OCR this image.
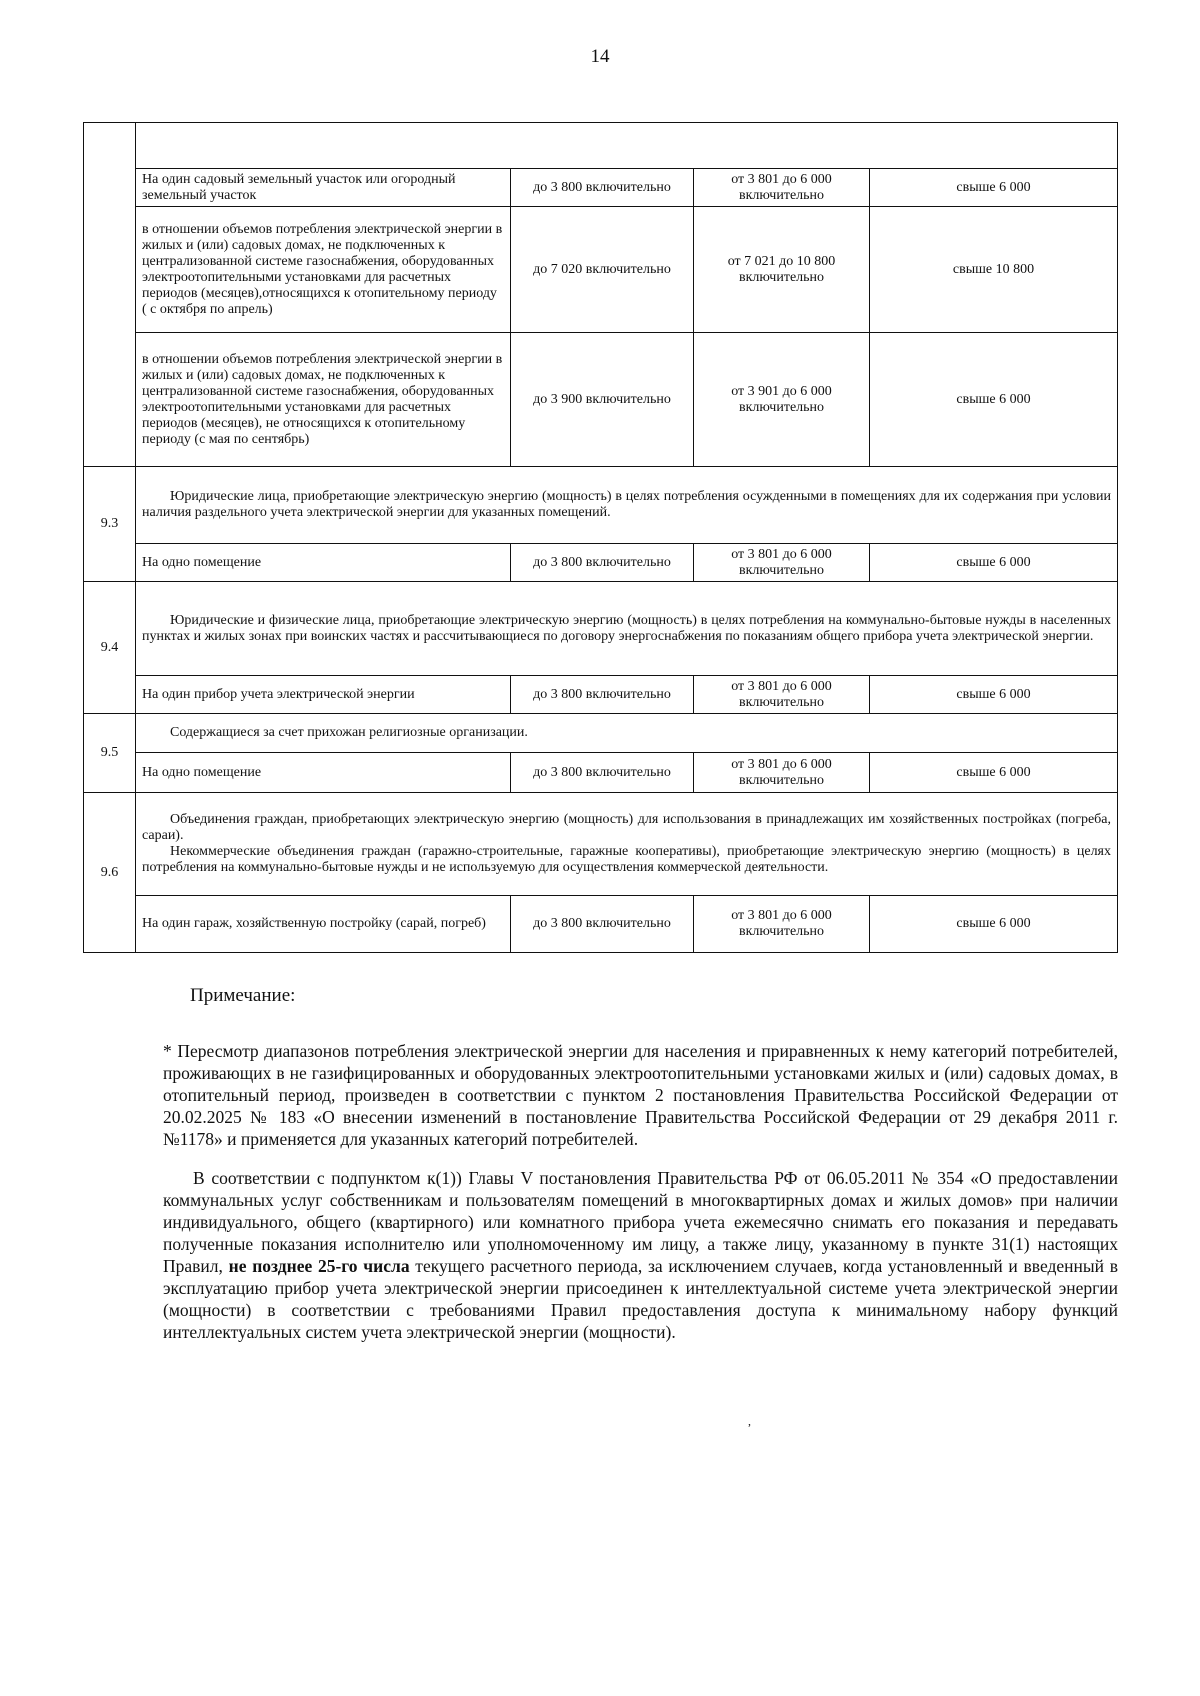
14

	На один садовый земельный участок или огородный земельный участок	до 3 800 включительно	от 3 801 до 6 000 включительно	свыше 6 000
	в отношении объемов потребления электрической энергии в жилых и (или) садовых домах, не подключенных к централизованной системе газоснабжения, оборудованных электроотопительными установками для расчетных периодов (месяцев),относящихся к отопительному периоду ( с октября по апрель)	до 7 020 включительно	от 7 021 до 10 800 включительно	свыше 10 800
	в отношении объемов потребления электрической энергии в жилых и (или) садовых домах, не подключенных к централизованной системе газоснабжения, оборудованных электроотопительными установками для расчетных периодов (месяцев), не относящихся к отопительному периоду (с мая по сентябрь)	до 3 900 включительно	от 3 901 до 6 000 включительно	свыше 6 000
9.3	Юридические лица, приобретающие электрическую энергию (мощность) в целях потребления осужденными в помещениях для их содержания при условии наличия раздельного учета электрической энергии для указанных помещений.			

	На одно помещение	до 3 800 включительно	от 3 801 до 6 000 включительно	свыше 6 000
9.4	Юридические и физические лица, приобретающие электрическую энергию (мощность) в целях потребления на коммунально-бытовые нужды в населенных пунктах и жилых зонах при воинских частях и рассчитывающиеся по договору энергоснабжения по показаниям общего прибора учета электрической энергии.			

	На один прибор учета электрической энергии	до 3 800 включительно	от 3 801 до 6 000 включительно	свыше 6 000
9.5	Содержащиеся за счет прихожан религиозные организации.			

	На одно помещение	до 3 800 включительно	от 3 801 до 6 000 включительно	свыше 6 000
9.6	Объединения граждан, приобретающих электрическую энергию (мощность) для использования в принадлежащих им хозяйственных постройках (погреба, сараи).

Некоммерческие объединения граждан (гаражно-строительные, гаражные кооперативы), приобретающие электрическую энергию (мощность) в целях потребления на коммунально-бытовые нужды и не используемую для осуществления коммерческой деятельности.			

	На один гараж, хозяйственную постройку (сарай, погреб)	до 3 800 включительно	от 3 801 до 6 000 включительно	свыше 6 000
Примечание:

* Пересмотр диапазонов потребления электрической энергии для населения и приравненных к нему категорий потребителей, проживающих в не газифицированных и оборудованных электроотопительными установками жилых и (или) садовых домах, в отопительный период, произведен в соответствии с пунктом 2 постановления Правительства Российской Федерации от 20.02.2025 № 183 «О внесении изменений в постановление Правительства Российской Федерации от 29 декабря 2011 г. №1178» и применяется для указанных категорий потребителей.

В соответствии с подпунктом к(1)) Главы V постановления Правительства РФ от 06.05.2011 № 354 «О предоставлении коммунальных услуг собственникам и пользователям помещений в многоквартирных домах и жилых домов» при наличии индивидуального, общего (квартирного) или комнатного прибора учета ежемесячно снимать его показания и передавать полученные показания исполнителю или уполномоченному им лицу, а также лицу, указанному в пункте 31(1) настоящих Правил, не позднее 25-го числа текущего расчетного периода, за исключением случаев, когда установленный и введенный в эксплуатацию прибор учета электрической энергии присоединен к интеллектуальной системе учета электрической энергии (мощности) в соответствии с требованиями Правил предоставления доступа к минимальному набору функций интеллектуальных систем учета электрической энергии (мощности).

,
